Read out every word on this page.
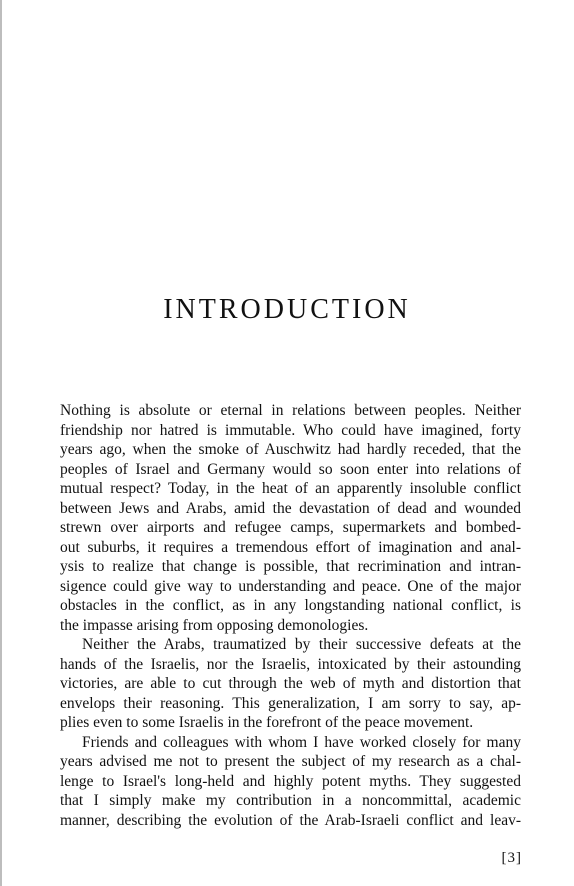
INTRODUCTION

Nothing is absolute or eternal in relations between peoples. Neither
friendship nor hatred is immutable. Who could have imagined, forty
years ago, when the smoke of Auschwitz had hardly receded, that the
peoples of Israel and Germany would so soon enter into relations of
mutual respect? Today, in the heat of an apparently insoluble conflict
between Jews and Arabs, amid the devastation of dead and wounded
strewn over airports and refugee camps, supermarkets and bombed-
out suburbs, it requires a tremendous effort of imagination and anal-
ysis to realize that change is possible, that recrimination and intran-
sigence could give way to understanding and peace. One of the major
obstacles in the conflict, as in any longstanding national conflict, is
the impasse arising from opposing demonologies.

Neither the Arabs, traumatized by their successive defeats at the
hands of the Israelis, nor the Israelis, intoxicated by their astounding
victories, are able to cut through the web of myth and distortion that
envelops their reasoning. This generalization, I am sorry to say, ap-
plies even to some Israelis in the forefront of the peace movement.

Friends and colleagues with whom I have worked closely for many
years advised me not to present the subject of my research as a chal-
lenge to Israel's long-held and highly potent myths. They suggested
that I simply make my contribution in a noncommittal, academic
manner, describing the evolution of the Arab-Israeli conflict and leav-

[3]
